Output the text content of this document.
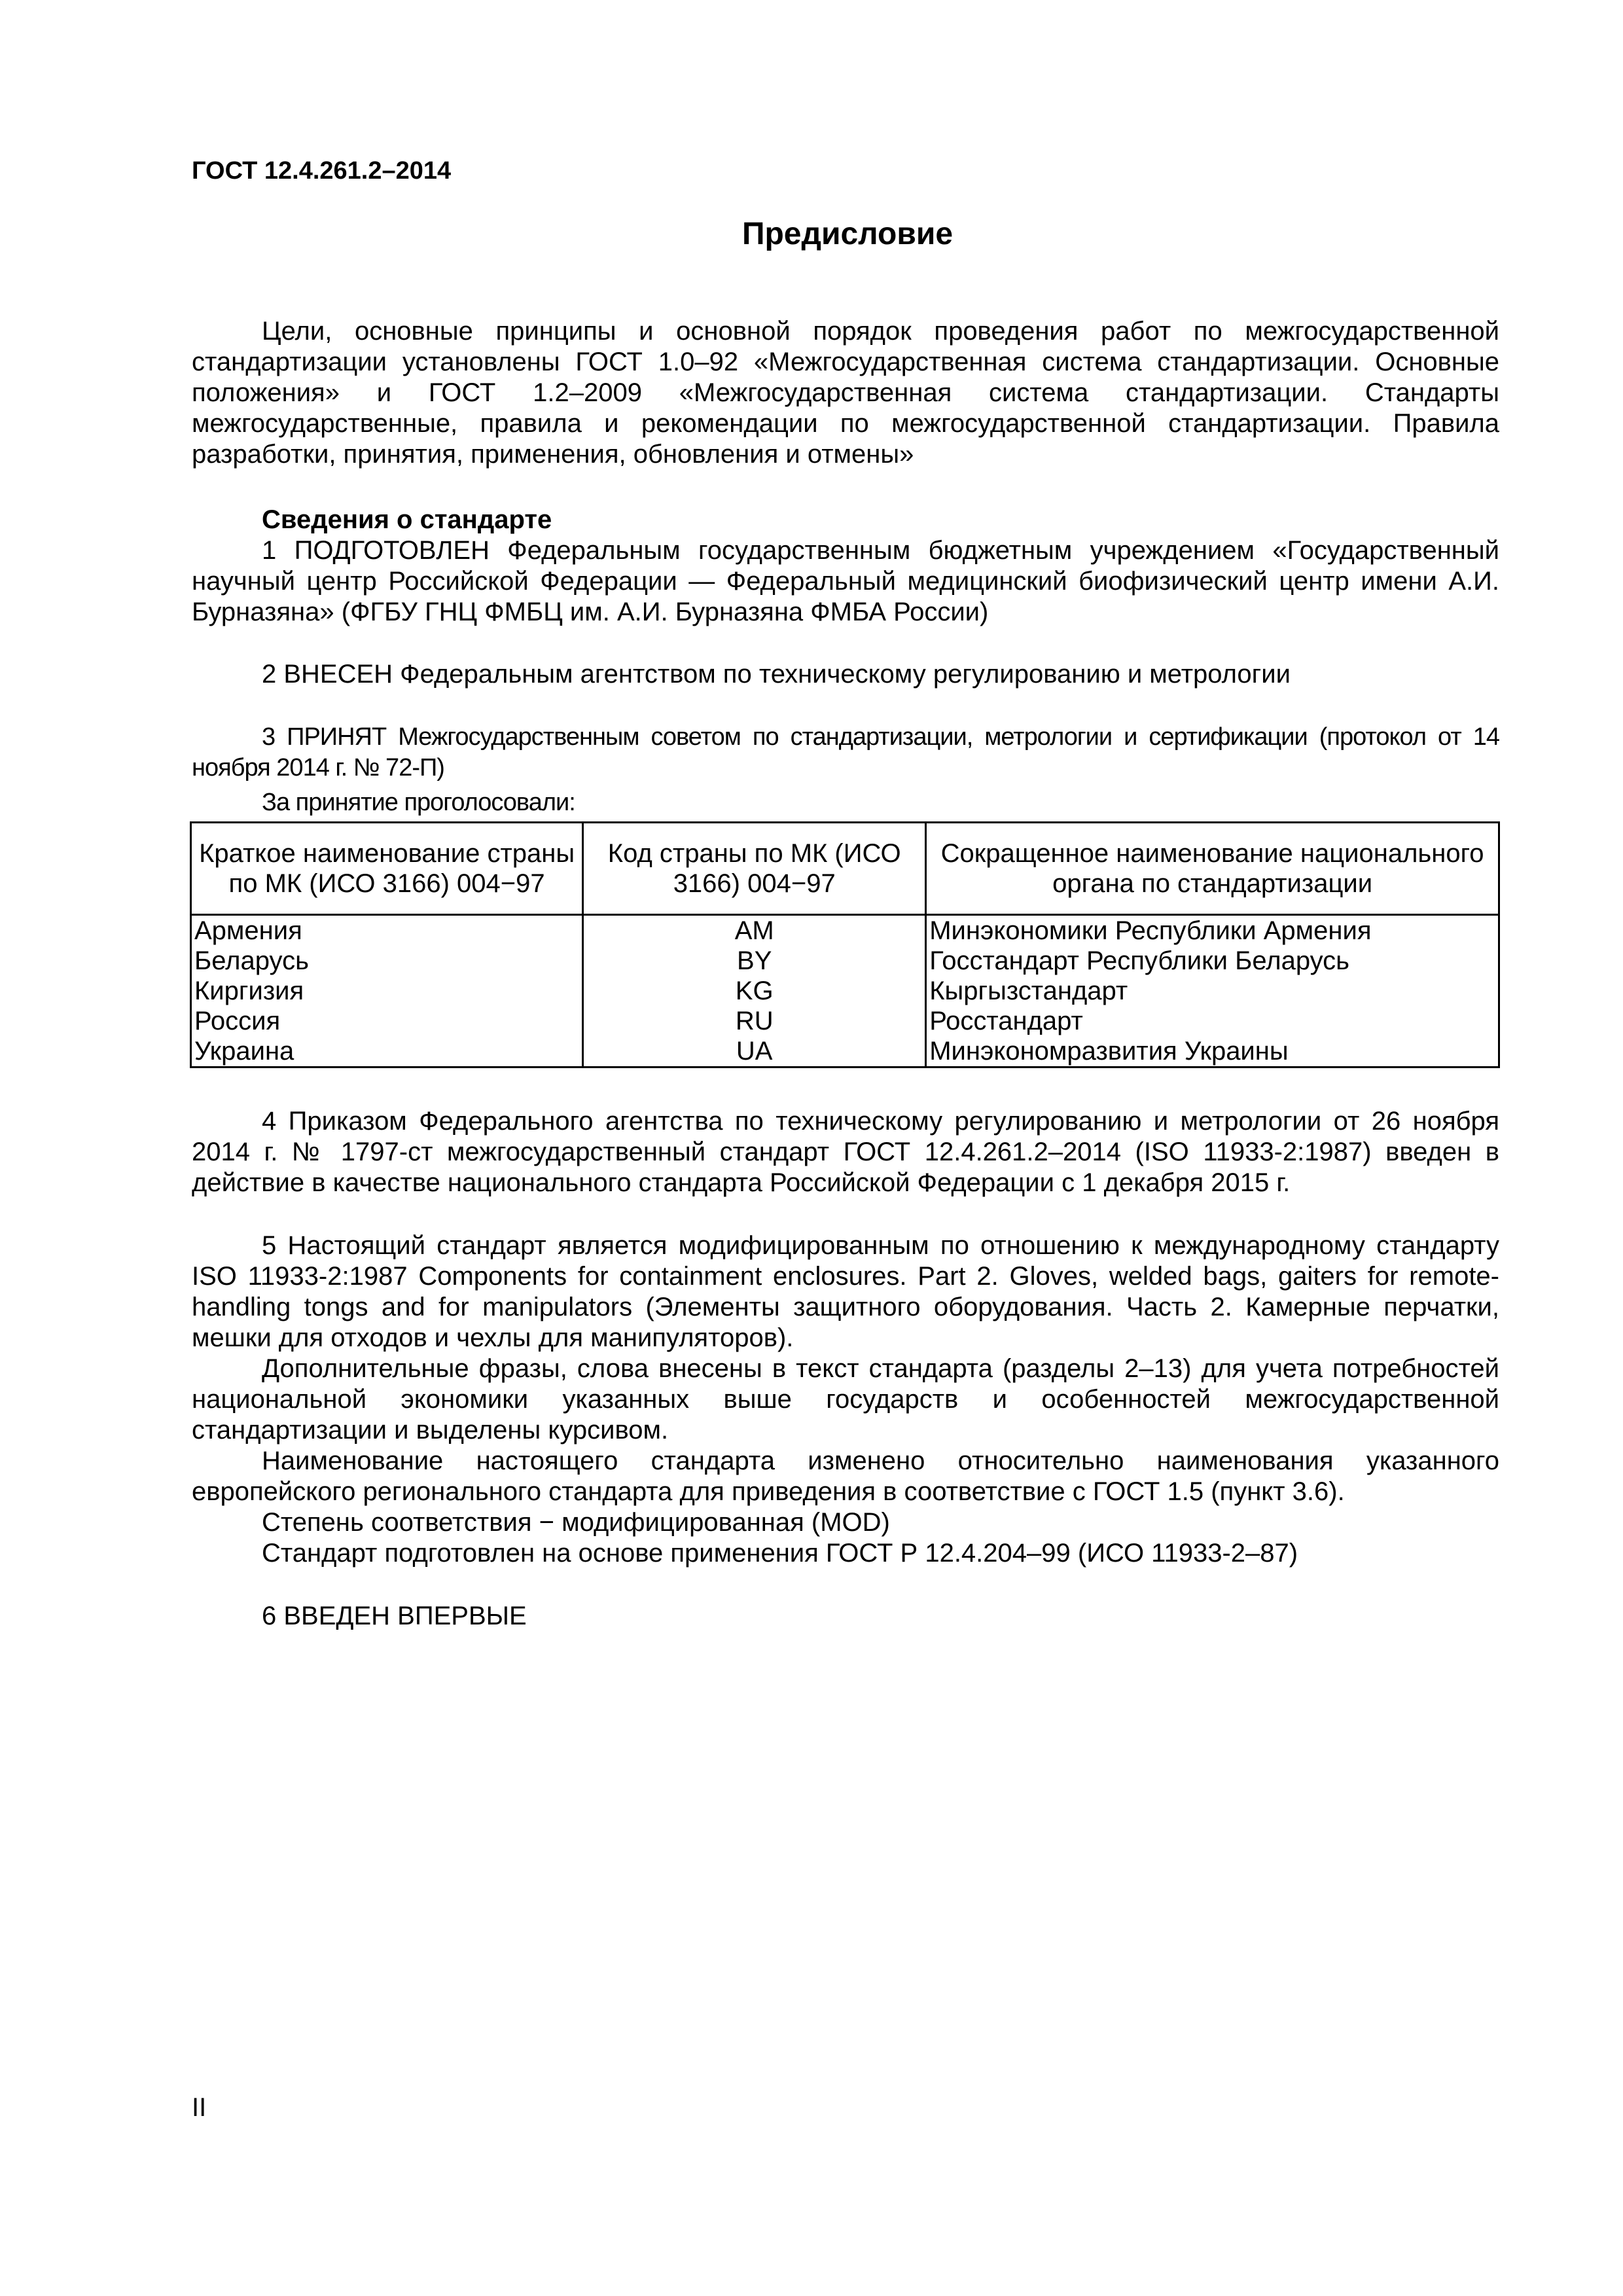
ГОСТ 12.4.261.2–2014
Предисловие

Цели, основные принципы и основной порядок проведения работ по межгосударственной стандартизации установлены ГОСТ 1.0–92 «Межгосударственная система стандартизации. Основные положения» и ГОСТ 1.2–2009 «Межгосударственная система стандартизации. Стандарты межгосударственные, правила и рекомендации по межгосударственной стандартизации. Правила разработки, принятия, применения, обновления и отмены»

Сведения о стандарте

1 ПОДГОТОВЛЕН Федеральным государственным бюджетным учреждением «Государственный научный центр Российской Федерации — Федеральный медицинский биофизический центр имени А.И. Бурназяна» (ФГБУ ГНЦ ФМБЦ им. А.И. Бурназяна ФМБА России)

2 ВНЕСЕН Федеральным агентством по техническому регулированию и метрологии

3 ПРИНЯТ Межгосударственным советом по стандартизации, метрологии и сертификации (протокол от 14 ноября 2014 г. № 72-П)

За принятие проголосовали:

Краткое наименование страны по МК (ИСО 3166) 004−97	Код страны по МК (ИСО 3166) 004−97	Сокращенное наименование национального органа по стандартизации
Армения	AM	Минэкономики Республики Армения
Беларусь	BY	Госстандарт Республики Беларусь
Киргизия	KG	Кыргызстандарт
Россия	RU	Росстандарт
Украина	UA	Минэкономразвития Украины

4 Приказом Федерального агентства по техническому регулированию и метрологии от 26 ноября 2014 г. № 1797-ст межгосударственный стандарт ГОСТ 12.4.261.2–2014 (ISO 11933-2:1987) введен в действие в качестве национального стандарта Российской Федерации с 1 декабря 2015 г.

5 Настоящий стандарт является модифицированным по отношению к международному стандарту ISO 11933-2:1987 Components for containment enclosures. Part 2. Gloves, welded bags, gaiters for remote-handling tongs and for manipulators (Элементы защитного оборудования. Часть 2. Камерные перчатки, мешки для отходов и чехлы для манипуляторов).

Дополнительные фразы, слова внесены в текст стандарта (разделы 2–13) для учета потребностей национальной экономики указанных выше государств и особенностей межгосударственной стандартизации и выделены курсивом.

Наименование настоящего стандарта изменено относительно наименования указанного европейского регионального стандарта для приведения в соответствие с ГОСТ 1.5 (пункт 3.6).

Степень соответствия − модифицированная (MOD)

Стандарт подготовлен на основе применения ГОСТ Р 12.4.204–99 (ИСО 11933-2–87)

6 ВВЕДЕН ВПЕРВЫЕ

II
